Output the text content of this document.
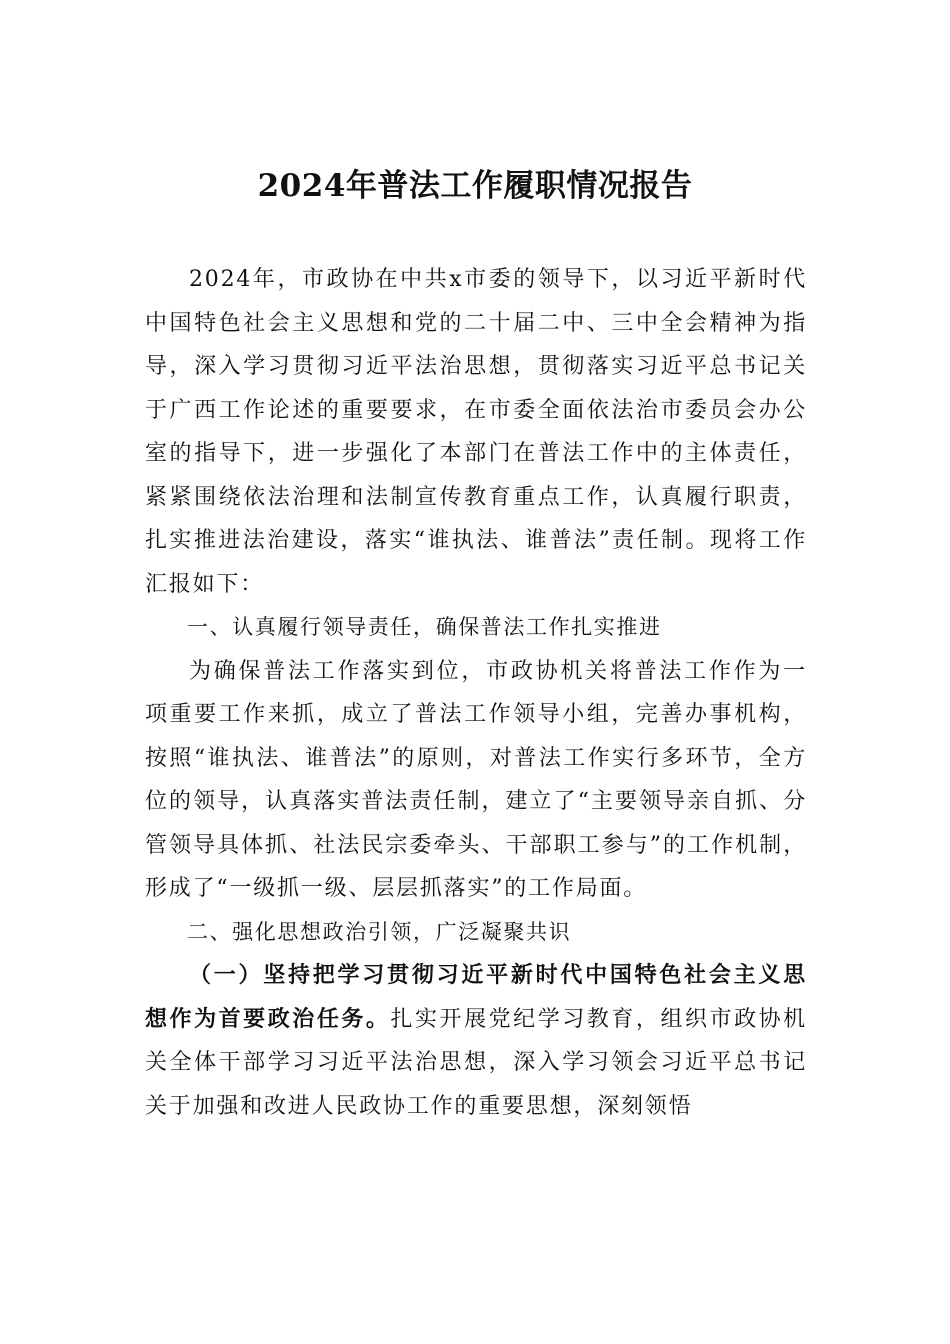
2024年普法工作履职情况报告

2024年，市政协在中共x市委的领导下，以习近平新时代中国特色社会主义思想和党的二十届二中、三中全会精神为指导，深入学习贯彻习近平法治思想，贯彻落实习近平总书记关于广西工作论述的重要要求，在市委全面依法治市委员会办公室的指导下，进一步强化了本部门在普法工作中的主体责任，紧紧围绕依法治理和法制宣传教育重点工作，认真履行职责，扎实推进法治建设，落实“谁执法、谁普法”责任制。现将工作汇报如下：

一、认真履行领导责任，确保普法工作扎实推进

为确保普法工作落实到位，市政协机关将普法工作作为一项重要工作来抓，成立了普法工作领导小组，完善办事机构，按照“谁执法、谁普法”的原则，对普法工作实行多环节，全方位的领导，认真落实普法责任制，建立了“主要领导亲自抓、分管领导具体抓、社法民宗委牵头、干部职工参与”的工作机制，形成了“一级抓一级、层层抓落实”的工作局面。

二、强化思想政治引领，广泛凝聚共识

（一）坚持把学习贯彻习近平新时代中国特色社会主义思想作为首要政治任务。扎实开展党纪学习教育，组织市政协机关全体干部学习习近平法治思想，深入学习领会习近平总书记关于加强和改进人民政协工作的重要思想，深刻领悟
